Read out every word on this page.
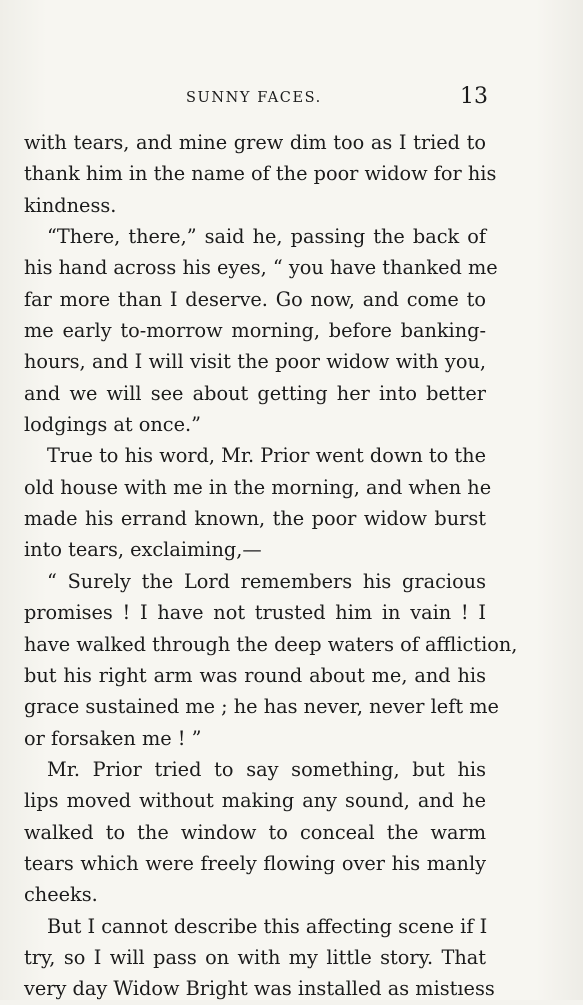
SUNNY FACES.	13
with tears, and mine grew dim too as I tried to
thank him in the name of the poor widow for his
kindness.
“There, there,” said he, passing the back of
his hand across his eyes, “ you have thanked me
far more than I deserve. Go now, and come to
me early to-morrow morning, before banking-
hours, and I will visit the poor widow with you,
and we will see about getting her into better
lodgings at once.”
True to his word, Mr. Prior went down to the
old house with me in the morning, and when he
made his errand known, the poor widow burst
into tears, exclaiming,—
“ Surely the Lord remembers his gracious
promises ! I have not trusted him in vain ! I
have walked through the deep waters of affliction,
but his right arm was round about me, and his
grace sustained me ; he has never, never left me
or forsaken me ! ”
Mr. Prior tried to say something, but his
lips moved without making any sound, and he
walked to the window to conceal the warm
tears which were freely flowing over his manly
cheeks.
But I cannot describe this affecting scene if I
try, so I will pass on with my little story. That
very day Widow Bright was installed as mistıess
